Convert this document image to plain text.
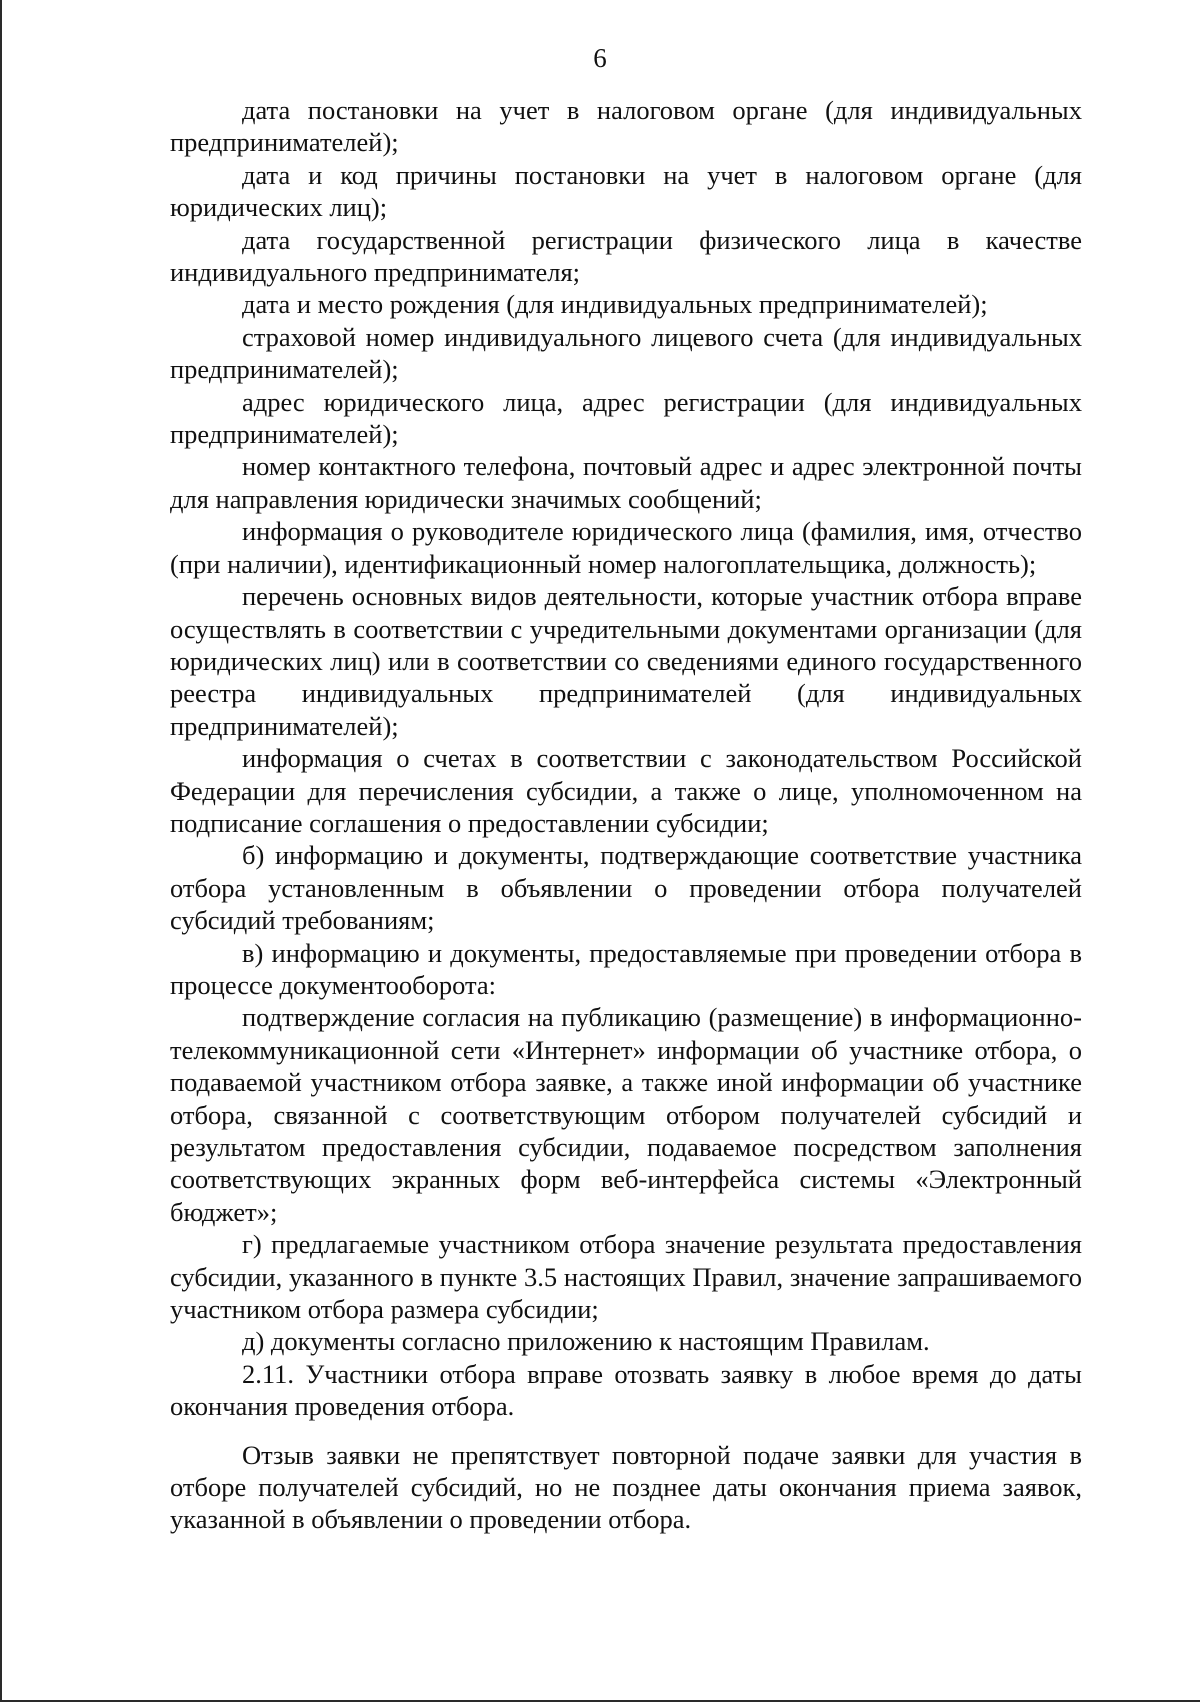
6

дата постановки на учет в налоговом органе (для индивидуальных предпринимателей);

дата и код причины постановки на учет в налоговом органе (для юридических лиц);

дата государственной регистрации физического лица в качестве индивидуального предпринимателя;

дата и место рождения (для индивидуальных предпринимателей);

страховой номер индивидуального лицевого счета (для индивидуальных предпринимателей);

адрес юридического лица, адрес регистрации (для индивидуальных предпринимателей);

номер контактного телефона, почтовый адрес и адрес электронной почты для направления юридически значимых сообщений;

информация о руководителе юридического лица (фамилия, имя, отчество (при наличии), идентификационный номер налогоплательщика, должность);

перечень основных видов деятельности, которые участник отбора вправе осуществлять в соответствии с учредительными документами организации (для юридических лиц) или в соответствии со сведениями единого государственного реестра индивидуальных предпринимателей (для индивидуальных предпринимателей);

информация о счетах в соответствии с законодательством Российской Федерации для перечисления субсидии, а также о лице, уполномоченном на подписание соглашения о предоставлении субсидии;

б) информацию и документы, подтверждающие соответствие участника отбора установленным в объявлении о проведении отбора получателей субсидий требованиям;

в) информацию и документы, предоставляемые при проведении отбора в процессе документооборота:

подтверждение согласия на публикацию (размещение) в информационно-телекоммуникационной сети «Интернет» информации об участнике отбора, о подаваемой участником отбора заявке, а также иной информации об участнике отбора, связанной с соответствующим отбором получателей субсидий и результатом предоставления субсидии, подаваемое посредством заполнения соответствующих экранных форм веб-интерфейса системы «Электронный бюджет»;

г) предлагаемые участником отбора значение результата предоставления субсидии, указанного в пункте 3.5 настоящих Правил, значение запрашиваемого участником отбора размера субсидии;

д) документы согласно приложению к настоящим Правилам.

2.11. Участники отбора вправе отозвать заявку в любое время до даты окончания проведения отбора.

Отзыв заявки не препятствует повторной подаче заявки для участия в отборе получателей субсидий, но не позднее даты окончания приема заявок, указанной в объявлении о проведении отбора.
